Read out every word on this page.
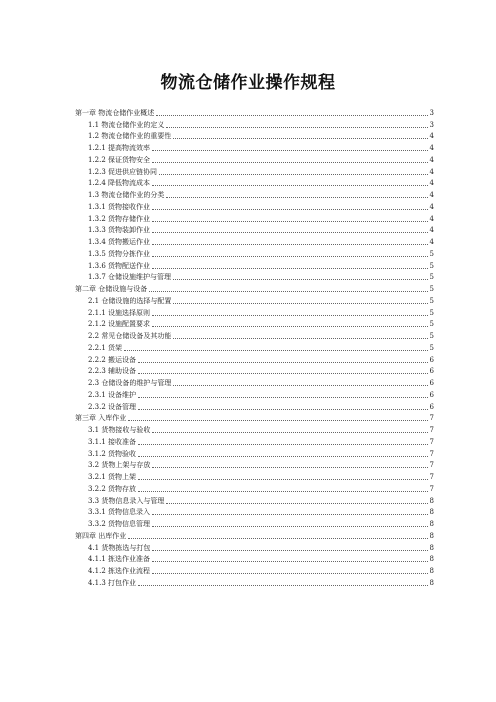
物流仓储作业操作规程
第一章 物流仓储作业概述	3
1.1 物流仓储作业的定义	3
1.2 物流仓储作业的重要性	4
1.2.1 提高物流效率	4
1.2.2 保证货物安全	4
1.2.3 促进供应链协同	4
1.2.4 降低物流成本	4
1.3 物流仓储作业的分类	4
1.3.1 货物接收作业	4
1.3.2 货物存储作业	4
1.3.3 货物装卸作业	4
1.3.4 货物搬运作业	4
1.3.5 货物分拣作业	5
1.3.6 货物配送作业	5
1.3.7 仓储设施维护与管理	5
第二章 仓储设施与设备	5
2.1 仓储设施的选择与配置	5
2.1.1 设施选择原则	5
2.1.2 设施配置要求	5
2.2 常见仓储设备及其功能	5
2.2.1 货架	5
2.2.2 搬运设备	6
2.2.3 辅助设备	6
2.3 仓储设备的维护与管理	6
2.3.1 设备维护	6
2.3.2 设备管理	6
第三章 入库作业	7
3.1 货物接收与验收	7
3.1.1 接收准备	7
3.1.2 货物验收	7
3.2 货物上架与存放	7
3.2.1 货物上架	7
3.2.2 货物存放	7
3.3 货物信息录入与管理	8
3.3.1 货物信息录入	8
3.3.2 货物信息管理	8
第四章 出库作业	8
4.1 货物拣选与打包	8
4.1.1 拣选作业准备	8
4.1.2 拣选作业流程	8
4.1.3 打包作业	8
